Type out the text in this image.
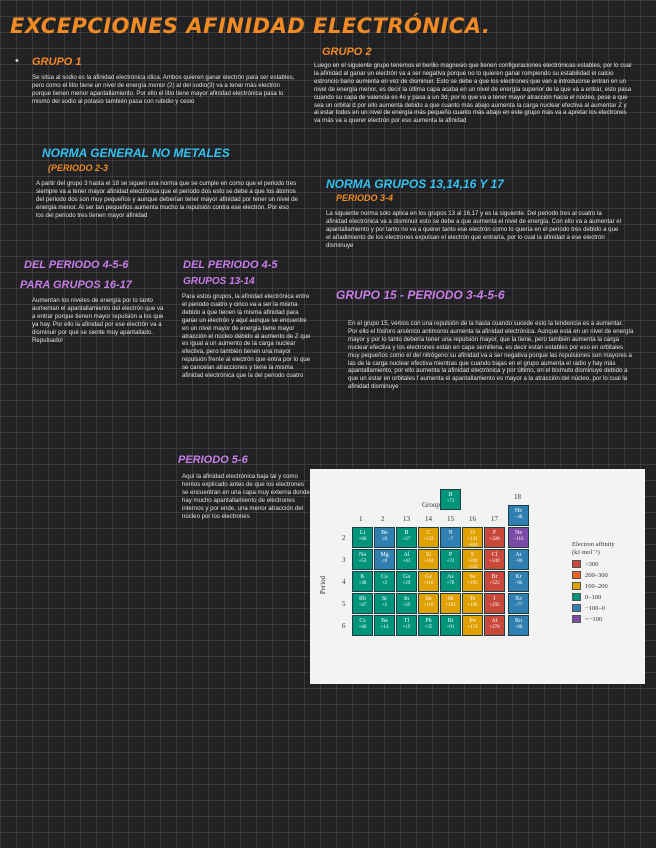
EXCEPCIONES AFINIDAD ELECTRÓNICA.
• GRUPO 1
Se sitúa al sodio es la afinidad electrónica idica. Ambos quieren ganar electrón para ser estables, pero como el litio tiene un nivel de energía menor (2) al del sodio(3) va a tener más electrón porque tienen menor apantallamiento. Por ello el litio tiene mayor afinidad electrónica pasa lo mismo del sodio al potasio también pasa con rubidio y cesio
GRUPO 2
Luego en el siguiente grupo tenemos el berilio magnesio que tienen configuraciones electrónicas estables, por lo cual la afinidad al ganar un electrón va a ser negativa porque no lo quieren ganar rompiendo su estabilidad el calcio estroncio bario aumenta en vez de disminuir. Esto se debe a que los electrones que van a introducirse entran en un nivel de energía menor, es decir la última capa acaba en un nivel de energía superior de la que va a entrar, esto pasa cuando su capa de valencia es 4s y pasa a un 3d, por lo que va a tener mayor atracción hacia el núcleo, pese a que sea un orbital d por ello aumenta debido a que cuanto más abajo aumenta la carga nuclear efectiva al aumentar Z y al estar todos en un nivel de energía más pequeño cuanto más abajo en este grupo más va a apretar los electrones va más va a querer electrón por eso aumenta la afinidad
NORMA GENERAL NO METALES
(PERIODO 2-3
A partir del grupo 3 hasta el 18 se siguen una norma que se cumple en como que el periodo tres siempre va a tener mayor afinidad electrónica que el periodo dos esto se debe a que los átomos del periodo dos son muy pequeños y aunque deberían tener mayor afinidad por tener un nivel de energía menor. Al ser tan pequeños aumenta mucho la repulsión contra ese electrón. Por eso los del periodo tres tienen mayor afinidad
NORMA GRUPOS 13,14,16 Y 17
PERIODO 3-4
La siguiente norma solo aplica en los grupos 13 al 16,17 y es la siguiente. Del periodo tres al cuatro la afinidad electrónica va a disminuir esto se debe a que aumenta el nivel de energía. Con ello va a aumentar el apantallamiento y por tanto no va a querer tanto ese electrón como lo quería en el periodo tres debido a que el añadimiento de los electrones expulsan el electrón que entraría, por lo cual la afinidad a ese electrón disminuye
DEL PERIODO 4-5-6
PARA GRUPOS 16-17
Aumentan los niveles de energía por lo tanto aumentan el apantallamiento del electrón que va a entrar porque tienen mayor repulsión a los que ya hay. Por ello la afinidad por ese electrón va a disminuir por qué se siente muy apantallado. Repulsado!
DEL PERIODO 4-5
GRUPOS 13-14
Para estos grupos, la afinidad electrónica entre el periodo cuatro y cinco va a ser la misma debido a que tienen la misma afinidad para ganar un electrón y aquí aunque se encuentre en un nivel mayor de energía tiene mayor atracción el núcleo debido al aumento de Z que es igual a un aumento de la carga nuclear efectiva, pero también tienen una mayor repulsión frente al electrón que entra por lo que se cancelan atracciones y tiene la misma afinidad electrónica que la del periodo cuatro
GRUPO 15 - PERIODO 3-4-5-6
En el grupo 15, vemos con una repulsión de la hasta cuando sucede esto la tendencia es a aumentar. Por ello el fósforo arsénico antimonio aumenta la afinidad electrónica. Aunque está en un nivel de energía mayor y por lo tanto debería tener una repulsión mayor, que la tiene, pero también aumenta la carga nuclear efectiva y los electrones están en capa semillena, es decir están estables por eso en orbitales muy pequeños como el del nitrógeno su afinidad va a ser negativa porque las repulsiones son mayores a las de la carga nuclear efectiva mientras que cuando bajas en el grupo aumenta el radio y hay más apantallamiento, por ello aumenta la afinidad electrónica y por último, en el bismuto disminuye debido a que un estar en orbitales f aumenta el apantallamiento es mayor a la atracción del núcleo, por lo cual la afinidad disminuye
PERIODO 5-6
Aquí la afinidad electrónica baja tal y como hemos explicado antes de que los electrones se encuentran en una capa muy externa donde hay mucho apantallamiento de electrones internos y por ende, una menor atracción del núcleo por los electrones
Group
1	2	13 14 15 16 17
18
Period
2
3
4
5
6
H
+73
Li
+60
Be
≤0
B
+27
C
+122
N
−7
O
+141
−844
F
+328
Na
+53
Mg
≤0
Al
+43
Si
+134
P
+72
S
+200
−532
Cl
+349
K
+48
Ca
+2
Ga
+29
Ge
+116
As
+78
Se
+195
Br
+325
Rb
+47
Sr
+5
In
+29
Sn
+116
Sb
+103
Te
+190
I
+295
Cs
+46
Ba
+14
Tl
+19
Pb
+35
Bi
+91
Po
+174
At
+270
He
−48
Ne
−116
Ar
−96
Kr
−96
Xe
−77
Rn
−68
Electron affinity (kJ·mol⁻¹)
>300
200–300
100–200
0–100
−100–0
<−100
